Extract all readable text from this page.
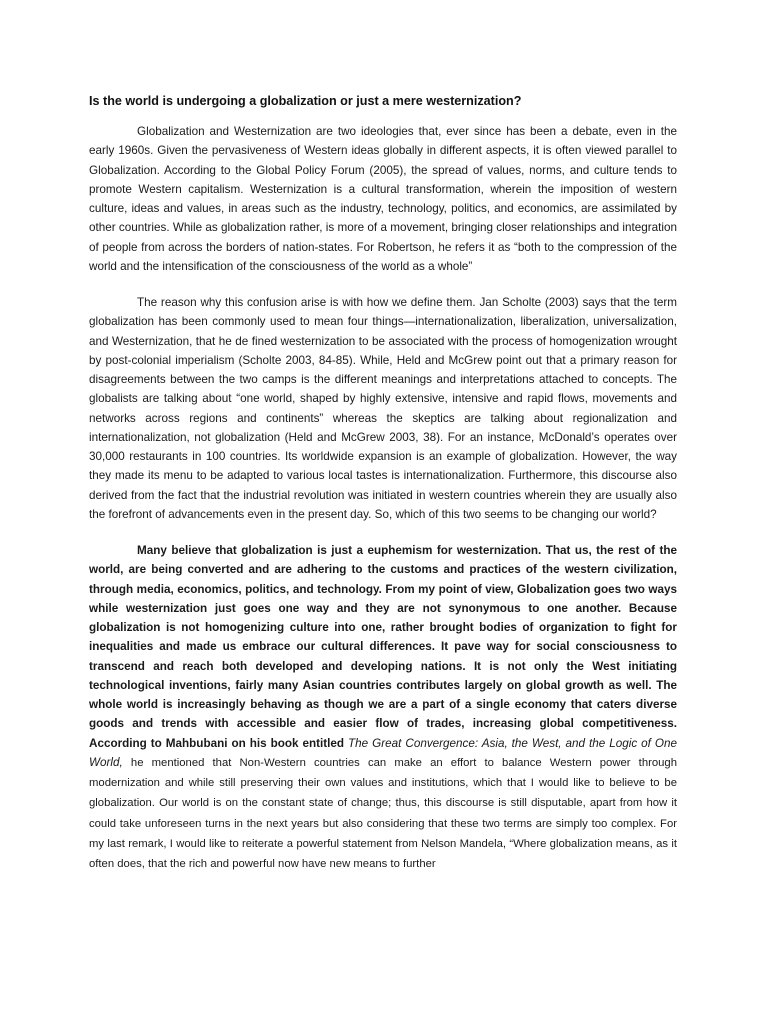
Is the world is undergoing a globalization or just a mere westernization?

Globalization and Westernization are two ideologies that, ever since has been a debate, even in the early 1960s. Given the pervasiveness of Western ideas globally in different aspects, it is often viewed parallel to Globalization. According to the Global Policy Forum (2005), the spread of values, norms, and culture tends to promote Western capitalism. Westernization is a cultural transformation, wherein the imposition of western culture, ideas and values, in areas such as the industry, technology, politics, and economics, are assimilated by other countries. While as globalization rather, is more of a movement, bringing closer relationships and integration of people from across the borders of nation-states. For Robertson, he refers it as “both to the compression of the world and the intensification of the consciousness of the world as a whole”

The reason why this confusion arise is with how we define them. Jan Scholte (2003) says that the term globalization has been commonly used to mean four things—internationalization, liberalization, universalization, and Westernization, that he de fined westernization to be associated with the process of homogenization wrought by post-colonial imperialism (Scholte 2003, 84-85). While, Held and McGrew point out that a primary reason for disagreements between the two camps is the different meanings and interpretations attached to concepts. The globalists are talking about “one world, shaped by highly extensive, intensive and rapid flows, movements and networks across regions and continents” whereas the skeptics are talking about regionalization and internationalization, not globalization (Held and McGrew 2003, 38). For an instance, McDonald’s operates over 30,000 restaurants in 100 countries. Its worldwide expansion is an example of globalization. However, the way they made its menu to be adapted to various local tastes is internationalization. Furthermore, this discourse also derived from the fact that the industrial revolution was initiated in western countries wherein they are usually also the forefront of advancements even in the present day. So, which of this two seems to be changing our world?

Many believe that globalization is just a euphemism for westernization. That us, the rest of the world, are being converted and are adhering to the customs and practices of the western civilization, through media, economics, politics, and technology. From my point of view, Globalization goes two ways while westernization just goes one way and they are not synonymous to one another. Because globalization is not homogenizing culture into one, rather brought bodies of organization to fight for inequalities and made us embrace our cultural differences. It pave way for social consciousness to transcend and reach both developed and developing nations. It is not only the West initiating technological inventions, fairly many Asian countries contributes largely on global growth as well. The whole world is increasingly behaving as though we are a part of a single economy that caters diverse goods and trends with accessible and easier flow of trades, increasing global competitiveness. According to Mahbubani on his book entitled The Great Convergence: Asia, the West, and the Logic of One World, he mentioned that Non-Western countries can make an effort to balance Western power through modernization and while still preserving their own values and institutions, which that I would like to believe to be globalization. Our world is on the constant state of change; thus, this discourse is still disputable, apart from how it could take unforeseen turns in the next years but also considering that these two terms are simply too complex. For my last remark, I would like to reiterate a powerful statement from Nelson Mandela, “Where globalization means, as it often does, that the rich and powerful now have new means to further
